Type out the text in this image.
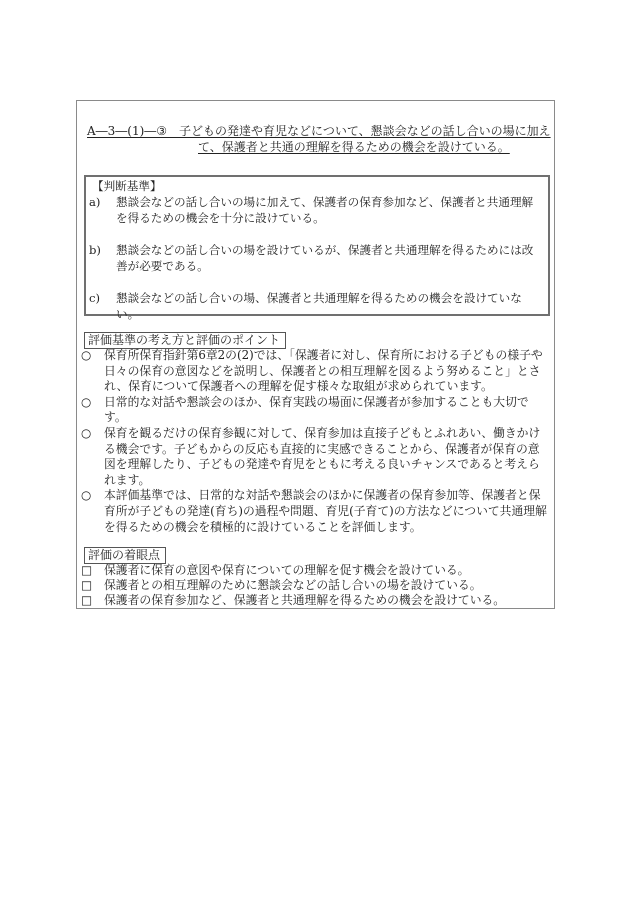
A―3―(1)―③　子どもの発達や育児などについて、懇談会などの話し合いの場に加え
て、保護者と共通の理解を得るための機会を設けている。
【判断基準】
a)	懇談会などの話し合いの場に加えて、保護者の保育参加など、保護者と共通理解を得るための機会を十分に設けている。
b)	懇談会などの話し合いの場を設けているが、保護者と共通理解を得るためには改善が必要である。
c)	懇談会などの話し合いの場、保護者と共通理解を得るための機会を設けていない。
評価基準の考え方と評価のポイント
○	保育所保育指針第6章2の(2)では、「保護者に対し、保育所における子どもの様子や日々の保育の意図などを説明し、保護者との相互理解を図るよう努めること」とされ、保育について保護者への理解を促す様々な取組が求められています。
○	日常的な対話や懇談会のほか、保育実践の場面に保護者が参加することも大切です。
○	保育を観るだけの保育参観に対して、保育参加は直接子どもとふれあい、働きかける機会です。子どもからの反応も直接的に実感できることから、保護者が保育の意図を理解したり、子どもの発達や育児をともに考える良いチャンスであると考えられます。
○	本評価基準では、日常的な対話や懇談会のほかに保護者の保育参加等、保護者と保育所が子どもの発達(育ち)の過程や問題、育児(子育て)の方法などについて共通理解を得るための機会を積極的に設けていることを評価します。
評価の着眼点
□	保護者に保育の意図や保育についての理解を促す機会を設けている。
□	保護者との相互理解のために懇談会などの話し合いの場を設けている。
□	保護者の保育参加など、保護者と共通理解を得るための機会を設けている。
